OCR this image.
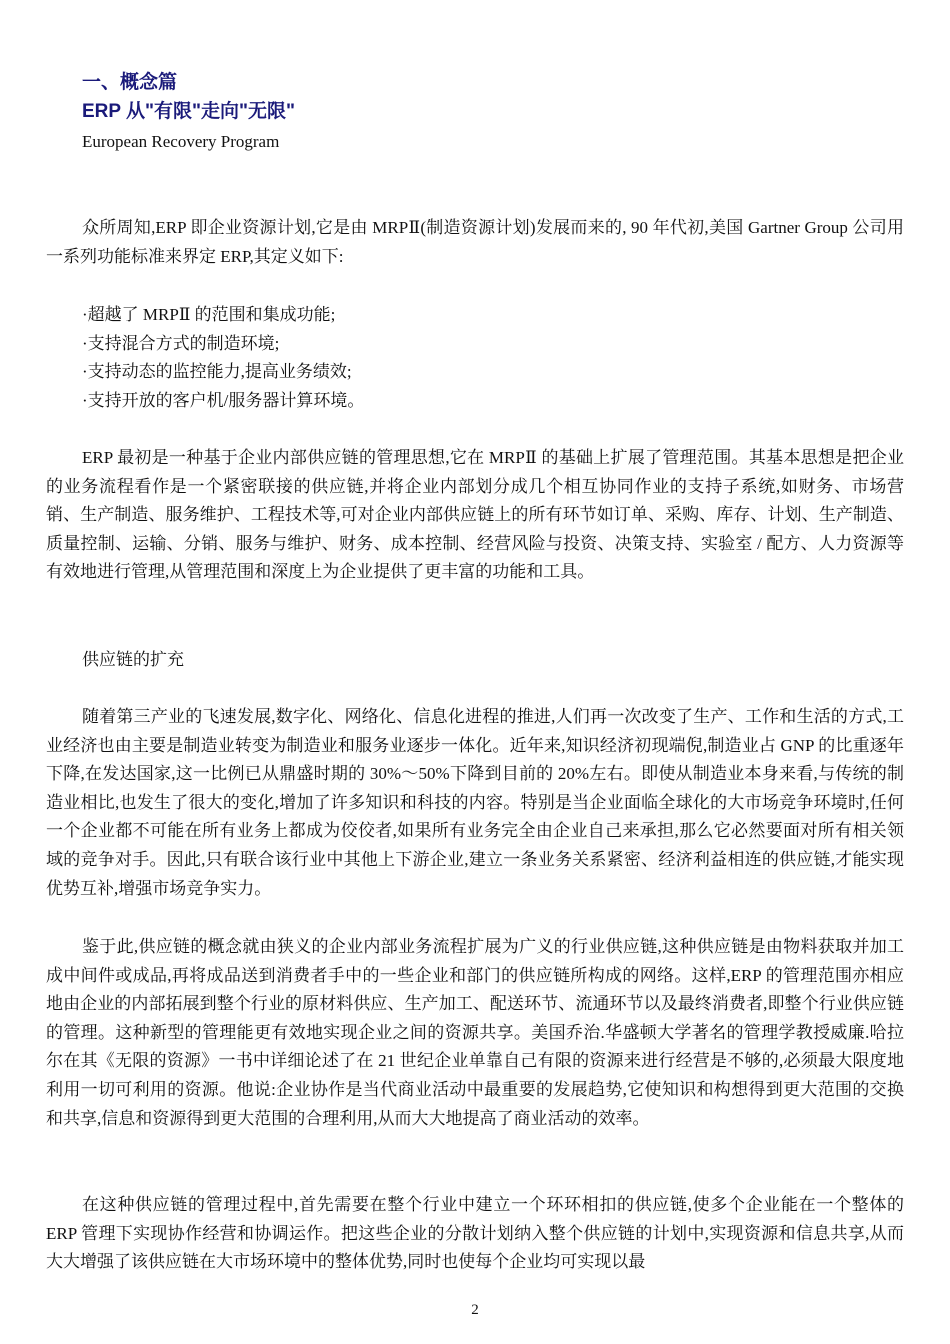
一、概念篇
ERP 从"有限"走向"无限"
European Recovery Program

众所周知,ERP 即企业资源计划,它是由 MRPⅡ(制造资源计划)发展而来的, 90 年代初,美国 Gartner Group 公司用一系列功能标准来界定 ERP,其定义如下:

·超越了 MRPⅡ 的范围和集成功能;
·支持混合方式的制造环境;
·支持动态的监控能力,提高业务绩效;
·支持开放的客户机/服务器计算环境。

ERP 最初是一种基于企业内部供应链的管理思想,它在 MRPⅡ 的基础上扩展了管理范围。其基本思想是把企业的业务流程看作是一个紧密联接的供应链,并将企业内部划分成几个相互协同作业的支持子系统,如财务、市场营销、生产制造、服务维护、工程技术等,可对企业内部供应链上的所有环节如订单、采购、库存、计划、生产制造、质量控制、运输、分销、服务与维护、财务、成本控制、经营风险与投资、决策支持、实验室 / 配方、人力资源等有效地进行管理,从管理范围和深度上为企业提供了更丰富的功能和工具。

供应链的扩充

随着第三产业的飞速发展,数字化、网络化、信息化进程的推进,人们再一次改变了生产、工作和生活的方式,工业经济也由主要是制造业转变为制造业和服务业逐步一体化。近年来,知识经济初现端倪,制造业占 GNP 的比重逐年下降,在发达国家,这一比例已从鼎盛时期的 30%～50%下降到目前的 20%左右。即使从制造业本身来看,与传统的制造业相比,也发生了很大的变化,增加了许多知识和科技的内容。特别是当企业面临全球化的大市场竞争环境时,任何一个企业都不可能在所有业务上都成为佼佼者,如果所有业务完全由企业自己来承担,那么它必然要面对所有相关领域的竞争对手。因此,只有联合该行业中其他上下游企业,建立一条业务关系紧密、经济利益相连的供应链,才能实现优势互补,增强市场竞争实力。

鉴于此,供应链的概念就由狭义的企业内部业务流程扩展为广义的行业供应链,这种供应链是由物料获取并加工成中间件或成品,再将成品送到消费者手中的一些企业和部门的供应链所构成的网络。这样,ERP 的管理范围亦相应地由企业的内部拓展到整个行业的原材料供应、生产加工、配送环节、流通环节以及最终消费者,即整个行业供应链的管理。这种新型的管理能更有效地实现企业之间的资源共享。美国乔治.华盛顿大学著名的管理学教授威廉.哈拉尔在其《无限的资源》一书中详细论述了在 21 世纪企业单靠自己有限的资源来进行经营是不够的,必须最大限度地利用一切可利用的资源。他说:企业协作是当代商业活动中最重要的发展趋势,它使知识和构想得到更大范围的交换和共享,信息和资源得到更大范围的合理利用,从而大大地提高了商业活动的效率。

在这种供应链的管理过程中,首先需要在整个行业中建立一个环环相扣的供应链,使多个企业能在一个整体的 ERP 管理下实现协作经营和协调运作。把这些企业的分散计划纳入整个供应链的计划中,实现资源和信息共享,从而大大增强了该供应链在大市场环境中的整体优势,同时也使每个企业均可实现以最

2
